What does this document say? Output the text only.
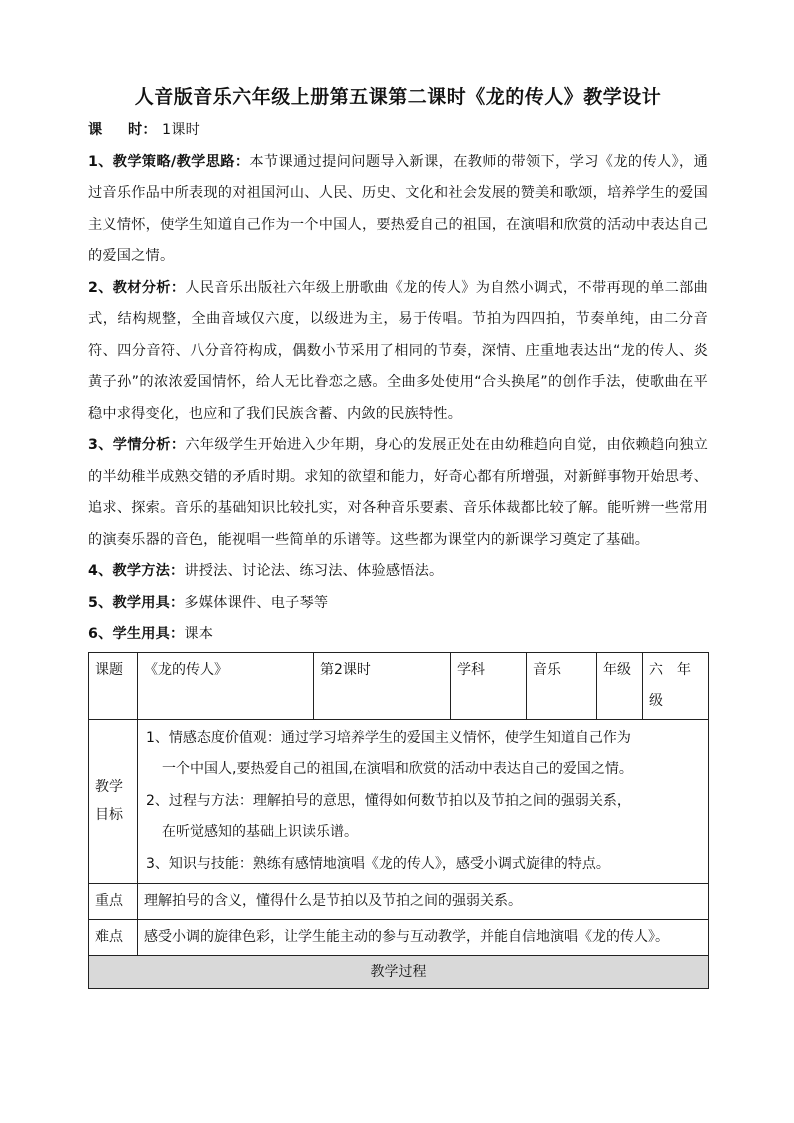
人音版音乐六年级上册第五课第二课时《龙的传人》教学设计

课 时： 1课时

1、教学策略/教学思路：本节课通过提问问题导入新课，在教师的带领下，学习《龙的传人》，通过音乐作品中所表现的对祖国河山、人民、历史、文化和社会发展的赞美和歌颂，培养学生的爱国主义情怀，使学生知道自己作为一个中国人，要热爱自己的祖国，在演唱和欣赏的活动中表达自己的爱国之情。

2、教材分析：人民音乐出版社六年级上册歌曲《龙的传人》为自然小调式，不带再现的单二部曲式，结构规整，全曲音域仅六度，以级进为主，易于传唱。节拍为四四拍，节奏单纯，由二分音符、四分音符、八分音符构成，偶数小节采用了相同的节奏，深情、庄重地表达出“龙的传人、炎黄子孙”的浓浓爱国情怀，给人无比眷恋之感。全曲多处使用“合头换尾”的创作手法，使歌曲在平稳中求得变化，也应和了我们民族含蓄、内敛的民族特性。

3、学情分析：六年级学生开始进入少年期，身心的发展正处在由幼稚趋向自觉，由依赖趋向独立的半幼稚半成熟交错的矛盾时期。求知的欲望和能力，好奇心都有所增强，对新鲜事物开始思考、追求、探索。音乐的基础知识比较扎实，对各种音乐要素、音乐体裁都比较了解。能听辨一些常用的演奏乐器的音色，能视唱一些简单的乐谱等。这些都为课堂内的新课学习奠定了基础。

4、教学方法：讲授法、讨论法、练习法、体验感悟法。

5、教学用具：多媒体课件、电子琴等

6、学生用具：课本

课题	《龙的传人》	第2课时	学科	音乐	年级	六　年级
教学目标	1、情感态度价值观：通过学习培养学生的爱国主义情怀，使学生知道自己作为

一个中国人,要热爱自己的祖国,在演唱和欣赏的活动中表达自己的爱国之情。

2、过程与方法：理解拍号的意思，懂得如何数节拍以及节拍之间的强弱关系，

在听觉感知的基础上识读乐谱。

3、知识与技能：熟练有感情地演唱《龙的传人》，感受小调式旋律的特点。					

重点	理解拍号的含义，懂得什么是节拍以及节拍之间的强弱关系。					
难点	感受小调的旋律色彩，让学生能主动的参与互动教学，并能自信地演唱《龙的传人》。					
教学过程						
